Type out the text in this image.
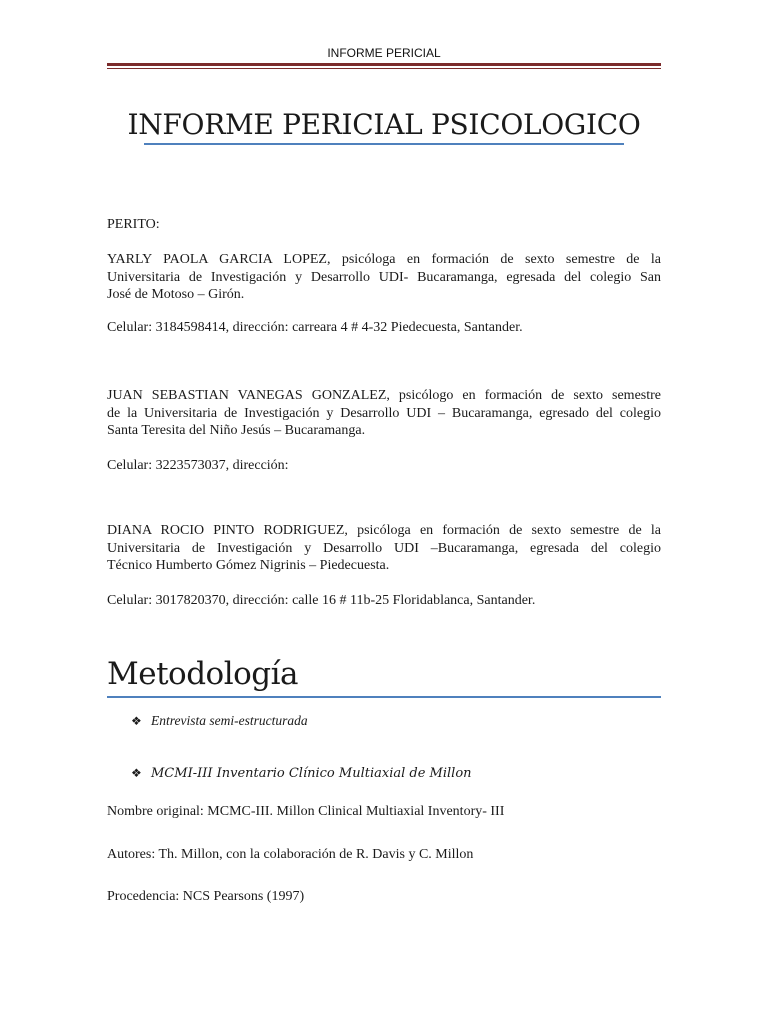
INFORME PERICIAL
INFORME PERICIAL PSICOLOGICO
PERITO:
YARLY PAOLA GARCIA LOPEZ, psicóloga en formación de sexto semestre de la
Universitaria de Investigación y Desarrollo UDI- Bucaramanga, egresada del colegio San
José de Motoso – Girón.
Celular: 3184598414, dirección: carreara 4 # 4-32 Piedecuesta, Santander.
JUAN SEBASTIAN VANEGAS GONZALEZ, psicólogo en formación de sexto semestre
de la Universitaria de Investigación y Desarrollo UDI – Bucaramanga, egresado del colegio
Santa Teresita del Niño Jesús – Bucaramanga.
Celular: 3223573037, dirección:
DIANA ROCIO PINTO RODRIGUEZ, psicóloga en formación de sexto semestre de la
Universitaria de Investigación y Desarrollo UDI –Bucaramanga, egresada del colegio
Técnico Humberto Gómez Nigrinis – Piedecuesta.
Celular: 3017820370, dirección: calle 16 # 11b-25 Floridablanca, Santander.
Metodología
❖ Entrevista semi-estructurada
❖ MCMI-III Inventario Clínico Multiaxial de Millon
Nombre original: MCMC-III. Millon Clinical Multiaxial Inventory- III
Autores: Th. Millon, con la colaboración de R. Davis y C. Millon
Procedencia: NCS Pearsons (1997)
